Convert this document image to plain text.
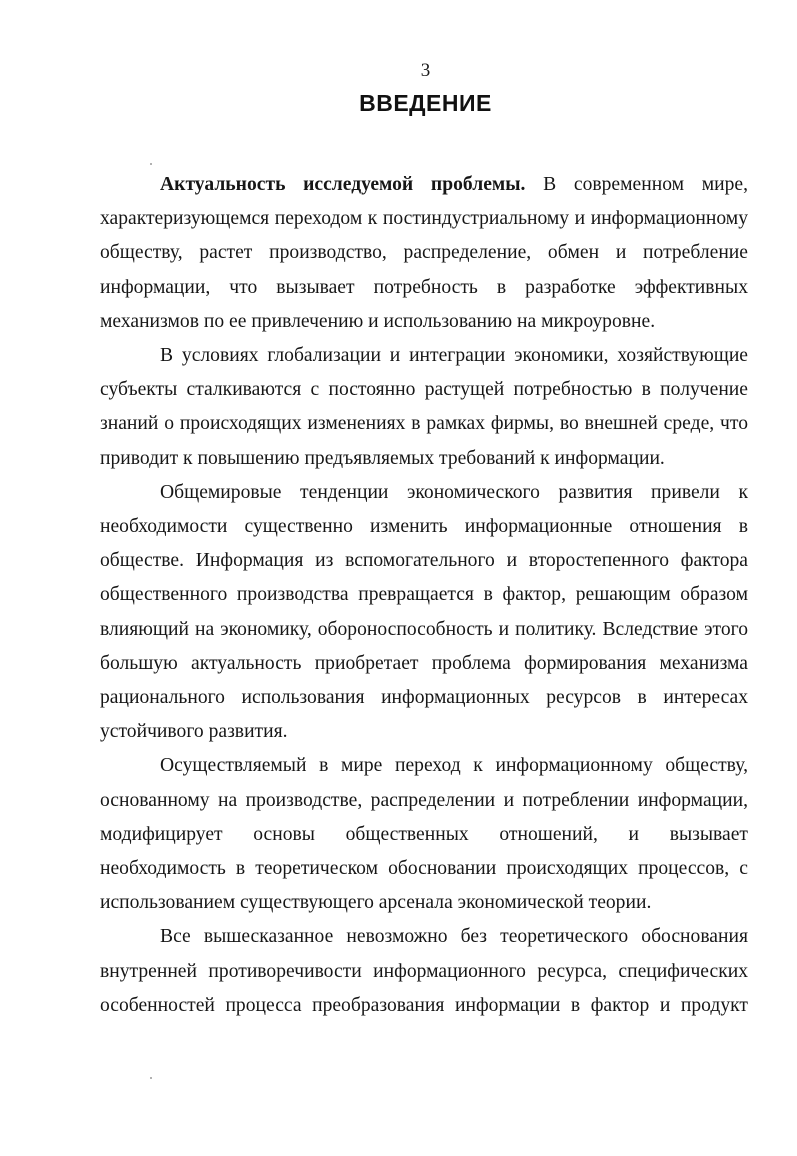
3
ВВЕДЕНИЕ

Актуальность исследуемой проблемы. В современном мире, характеризующемся переходом к постиндустриальному и информационному обществу, растет производство, распределение, обмен и потребление информации, что вызывает потребность в разработке эффективных механизмов по ее привлечению и использованию на микроуровне.

В условиях глобализации и интеграции экономики, хозяйствующие субъекты сталкиваются с постоянно растущей потребностью в получение знаний о происходящих изменениях в рамках фирмы, во внешней среде, что приводит к повышению предъявляемых требований к информации.

Общемировые тенденции экономического развития привели к необходимости существенно изменить информационные отношения в обществе. Информация из вспомогательного и второстепенного фактора общественного производства превращается в фактор, решающим образом влияющий на экономику, обороноспособность и политику. Вследствие этого большую актуальность приобретает проблема формирования механизма рационального использования информационных ресурсов в интересах устойчивого развития.

Осуществляемый в мире переход к информационному обществу, основанному на производстве, распределении и потреблении информации, модифицирует основы общественных отношений, и вызывает необходимость в теоретическом обосновании происходящих процессов, с использованием существующего арсенала экономической теории.

Все вышесказанное невозможно без теоретического обоснования внутренней противоречивости информационного ресурса, специфических особенностей процесса преобразования информации в фактор и продукт
